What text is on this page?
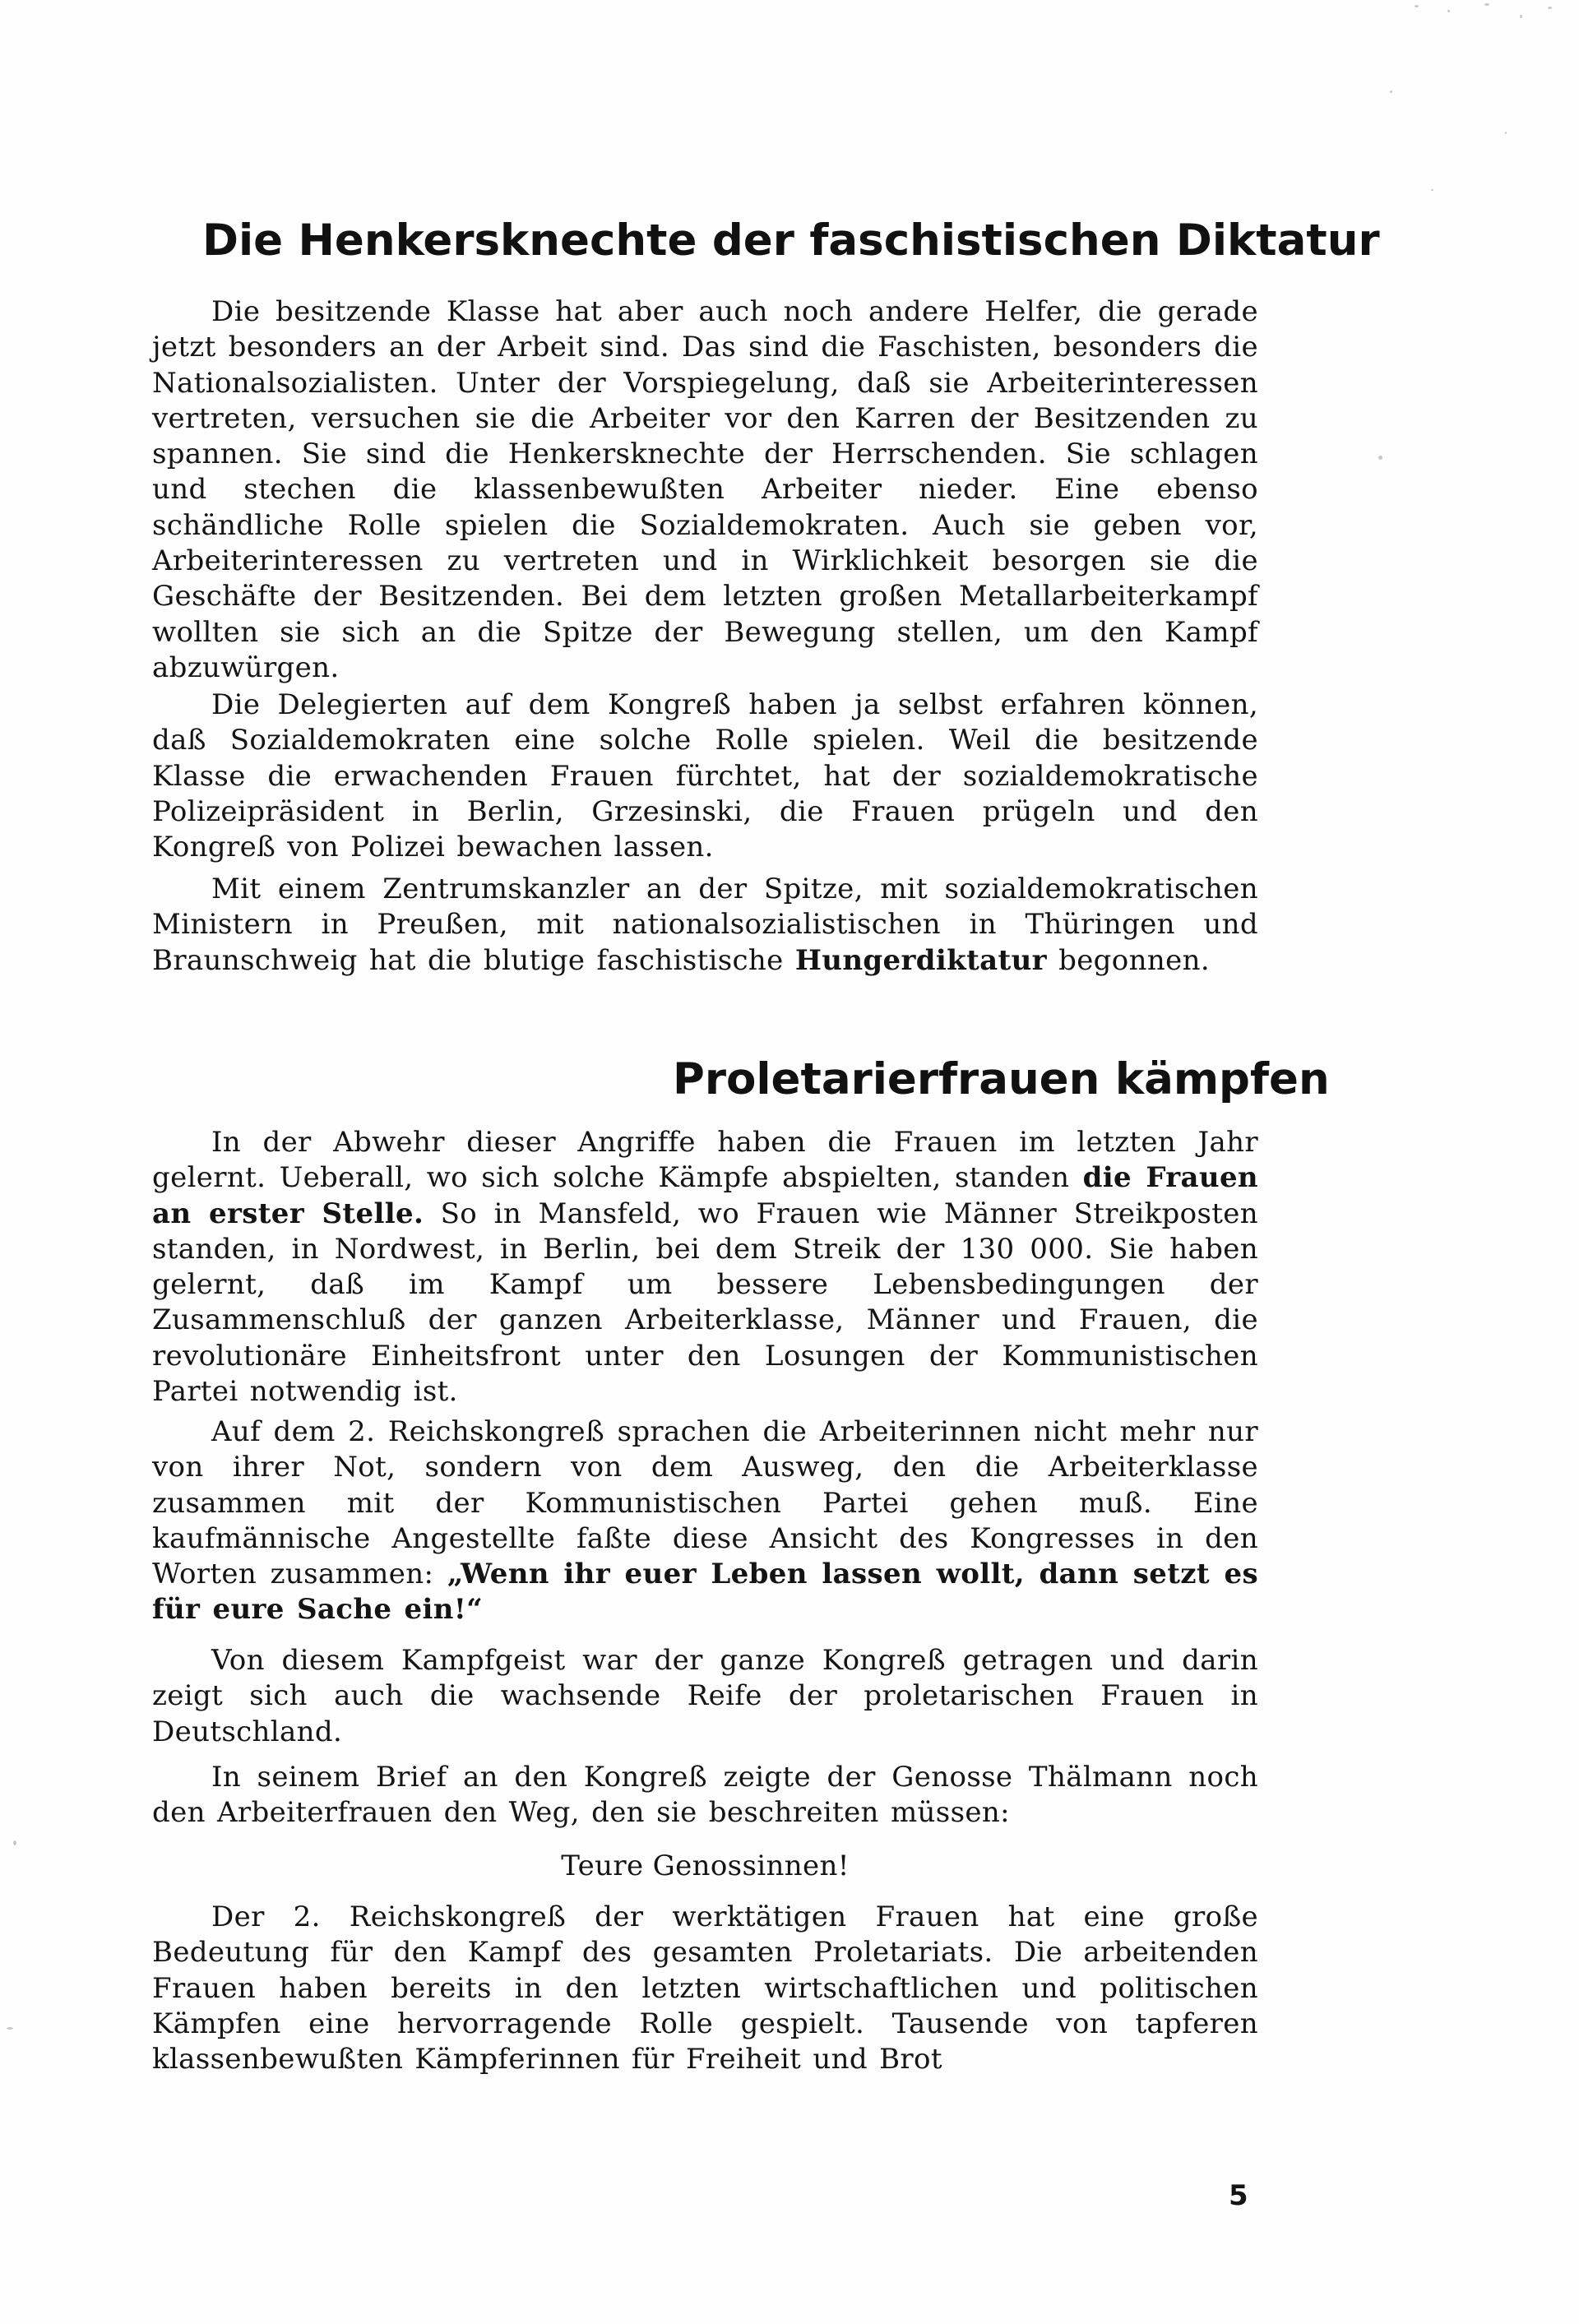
Die Henkersknechte der faschistischen Diktatur

Die besitzende Klasse hat aber auch noch andere Helfer, die gerade jetzt besonders an der Arbeit sind. Das sind die Faschisten, besonders die Nationalsozialisten. Unter der Vorspiegelung, daß sie Arbeiterinteressen vertreten, versuchen sie die Arbeiter vor den Karren der Besitzenden zu spannen. Sie sind die Henkersknechte der Herrschenden. Sie schlagen und stechen die klassenbewußten Arbeiter nieder. Eine ebenso schändliche Rolle spielen die Sozialdemokraten. Auch sie geben vor, Arbeiterinteressen zu vertreten und in Wirklichkeit besorgen sie die Geschäfte der Besitzenden. Bei dem letzten großen Metallarbeiterkampf wollten sie sich an die Spitze der Bewegung stellen, um den Kampf abzuwürgen.

Die Delegierten auf dem Kongreß haben ja selbst erfahren können, daß Sozialdemokraten eine solche Rolle spielen. Weil die besitzende Klasse die erwachenden Frauen fürchtet, hat der sozialdemokratische Polizeipräsident in Berlin, Grzesinski, die Frauen prügeln und den Kongreß von Polizei bewachen lassen.

Mit einem Zentrumskanzler an der Spitze, mit sozialdemokratischen Ministern in Preußen, mit nationalsozialistischen in Thüringen und Braunschweig hat die blutige faschistische Hungerdiktatur begonnen.

Proletarierfrauen kämpfen

In der Abwehr dieser Angriffe haben die Frauen im letzten Jahr gelernt. Ueberall, wo sich solche Kämpfe abspielten, standen die Frauen an erster Stelle. So in Mansfeld, wo Frauen wie Männer Streikposten standen, in Nordwest, in Berlin, bei dem Streik der 130 000. Sie haben gelernt, daß im Kampf um bessere Lebensbedingungen der Zusammenschluß der ganzen Arbeiterklasse, Männer und Frauen, die revolutionäre Einheitsfront unter den Losungen der Kommunistischen Partei notwendig ist.

Auf dem 2. Reichskongreß sprachen die Arbeiterinnen nicht mehr nur von ihrer Not, sondern von dem Ausweg, den die Arbeiterklasse zusammen mit der Kommunistischen Partei gehen muß. Eine kaufmännische Angestellte faßte diese Ansicht des Kongresses in den Worten zusammen: „Wenn ihr euer Leben lassen wollt, dann setzt es für eure Sache ein!“

Von diesem Kampfgeist war der ganze Kongreß getragen und darin zeigt sich auch die wachsende Reife der proletarischen Frauen in Deutschland.

In seinem Brief an den Kongreß zeigte der Genosse Thälmann noch den Arbeiterfrauen den Weg, den sie beschreiten müssen:

Teure Genossinnen!

Der 2. Reichskongreß der werktätigen Frauen hat eine große Bedeutung für den Kampf des gesamten Proletariats. Die arbeitenden Frauen haben bereits in den letzten wirtschaftlichen und politischen Kämpfen eine hervorragende Rolle gespielt. Tausende von tapferen klassenbewußten Kämpferinnen für Freiheit und Brot

5
